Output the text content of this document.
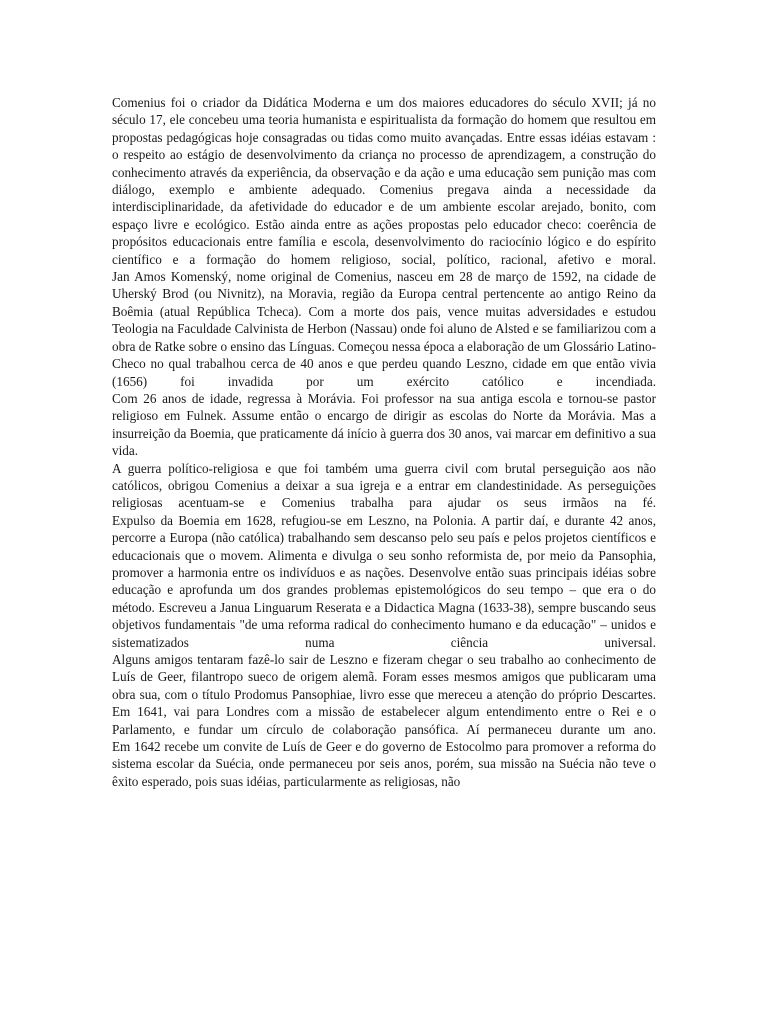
Comenius foi o criador da Didática Moderna e um dos maiores educadores do século XVII; já no século 17, ele concebeu uma teoria humanista e espiritualista da formação do homem que resultou em propostas pedagógicas hoje consagradas ou tidas como muito avançadas. Entre essas idéias estavam : o respeito ao estágio de desenvolvimento da criança no processo de aprendizagem, a construção do conhecimento através da experiência, da observação e da ação e uma educação sem punição mas com diálogo, exemplo e ambiente adequado. Comenius pregava ainda a necessidade da interdisciplinaridade, da afetividade do educador e de um ambiente escolar arejado, bonito, com espaço livre e ecológico. Estão ainda entre as ações propostas pelo educador checo: coerência de propósitos educacionais entre família e escola, desenvolvimento do raciocínio lógico e do espírito científico e a formação do homem religioso, social, político, racional, afetivo e moral.

Jan Amos Komenský, nome original de Comenius, nasceu em 28 de março de 1592, na cidade de Uherský Brod (ou Nivnitz), na Moravia, região da Europa central pertencente ao antigo Reino da Boêmia (atual República Tcheca). Com a morte dos pais, vence muitas adversidades e estudou Teologia na Faculdade Calvinista de Herbon (Nassau) onde foi aluno de Alsted e se familiarizou com a obra de Ratke sobre o ensino das Línguas. Começou nessa época a elaboração de um Glossário Latino-Checo no qual trabalhou cerca de 40 anos e que perdeu quando Leszno, cidade em que então vivia (1656) foi invadida por um exército católico e incendiada.

Com 26 anos de idade, regressa à Morávia. Foi professor na sua antiga escola e tornou-se pastor religioso em Fulnek. Assume então o encargo de dirigir as escolas do Norte da Morávia. Mas a insurreição da Boemia, que praticamente dá início à guerra dos 30 anos, vai marcar em definitivo a sua vida.

A guerra político-religiosa e que foi também uma guerra civil com brutal perseguição aos não católicos, obrigou Comenius a deixar a sua igreja e a entrar em clandestinidade. As perseguições religiosas acentuam-se e Comenius trabalha para ajudar os seus irmãos na fé.

Expulso da Boemia em 1628, refugiou-se em Leszno, na Polonia. A partir daí, e durante 42 anos, percorre a Europa (não católica) trabalhando sem descanso pelo seu país e pelos projetos científicos e educacionais que o movem. Alimenta e divulga o seu sonho reformista de, por meio da Pansophia, promover a harmonia entre os indivíduos e as nações. Desenvolve então suas principais idéias sobre educação e aprofunda um dos grandes problemas epistemológicos do seu tempo – que era o do método. Escreveu a Janua Linguarum Reserata e a Didactica Magna (1633-38), sempre buscando seus objetivos fundamentais "de uma reforma radical do conhecimento humano e da educação" – unidos e sistematizados numa ciência universal.

Alguns amigos tentaram fazê-lo sair de Leszno e fizeram chegar o seu trabalho ao conhecimento de Luís de Geer, filantropo sueco de origem alemã. Foram esses mesmos amigos que publicaram uma obra sua, com o título Prodomus Pansophiae, livro esse que mereceu a atenção do próprio Descartes. Em 1641, vai para Londres com a missão de estabelecer algum entendimento entre o Rei e o Parlamento, e fundar um círculo de colaboração pansófica. Aí permaneceu durante um ano.

Em 1642 recebe um convite de Luís de Geer e do governo de Estocolmo para promover a reforma do sistema escolar da Suécia, onde permaneceu por seis anos, porém, sua missão na Suécia não teve o êxito esperado, pois suas idéias, particularmente as religiosas, não
